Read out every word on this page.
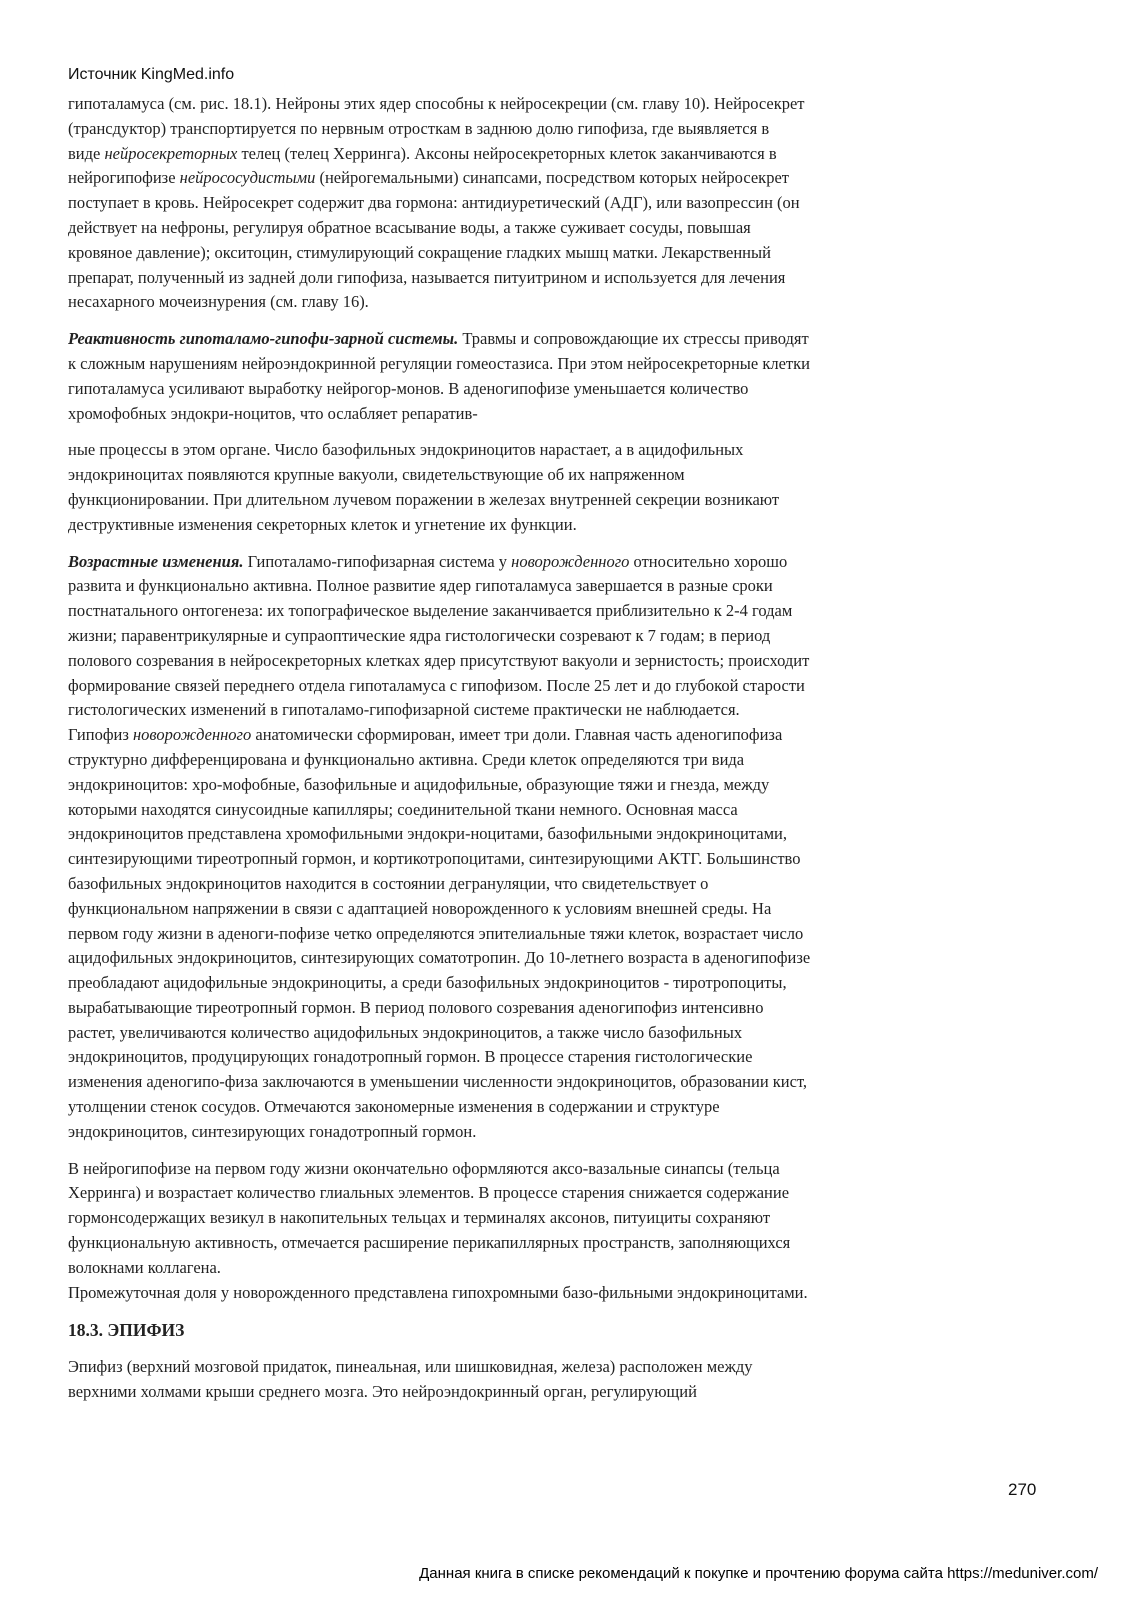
Источник KingMed.info
гипоталамуса (см. рис. 18.1). Нейроны этих ядер способны к нейросекреции (см. главу 10). Нейросекрет
(трансдуктор) транспортируется по нервным отросткам в заднюю долю гипофиза, где выявляется в
виде нейросекреторных телец (телец Херринга). Аксоны нейросекреторных клеток заканчиваются в
нейрогипофизе нейрососудистыми (нейрогемальными) синапсами, посредством которых нейросекрет
поступает в кровь. Нейросекрет содержит два гормона: антидиуретический (АДГ), или вазопрессин (он
действует на нефроны, регулируя обратное всасывание воды, а также суживает сосуды, повышая
кровяное давление); окситоцин, стимулирующий сокращение гладких мышц матки. Лекарственный
препарат, полученный из задней доли гипофиза, называется питуитрином и используется для лечения
несахарного мочеизнурения (см. главу 16).
Реактивность гипоталамо-гипофи-зарной системы. Травмы и сопровождающие их стрессы приводят
к сложным нарушениям нейроэндокринной регуляции гомеостазиса. При этом нейросекреторные клетки
гипоталамуса усиливают выработку нейрогор-монов. В аденогипофизе уменьшается количество
хромофобных эндокри-ноцитов, что ослабляет репаратив-
ные процессы в этом органе. Число базофильных эндокриноцитов нарастает, а в ацидофильных
эндокриноцитах появляются крупные вакуоли, свидетельствующие об их напряженном
функционировании. При длительном лучевом поражении в железах внутренней секреции возникают
деструктивные изменения секреторных клеток и угнетение их функции.
Возрастные изменения. Гипоталамо-гипофизарная система у новорожденного относительно хорошо
развита и функционально активна. Полное развитие ядер гипоталамуса завершается в разные сроки
постнатального онтогенеза: их топографическое выделение заканчивается приблизительно к 2-4 годам
жизни; паравентрикулярные и супраоптические ядра гистологически созревают к 7 годам; в период
полового созревания в нейросекреторных клетках ядер присутствуют вакуоли и зернистость; происходит
формирование связей переднего отдела гипоталамуса с гипофизом. После 25 лет и до глубокой старости
гистологических изменений в гипоталамо-гипофизарной системе практически не наблюдается.
Гипофиз новорожденного анатомически сформирован, имеет три доли. Главная часть аденогипофиза
структурно дифференцирована и функционально активна. Среди клеток определяются три вида
эндокриноцитов: хро-мофобные, базофильные и ацидофильные, образующие тяжи и гнезда, между
которыми находятся синусоидные капилляры; соединительной ткани немного. Основная масса
эндокриноцитов представлена хромофильными эндокри-ноцитами, базофильными эндокриноцитами,
синтезирующими тиреотропный гормон, и кортикотропоцитами, синтезирующими АКТГ. Большинство
базофильных эндокриноцитов находится в состоянии дегрануляции, что свидетельствует о
функциональном напряжении в связи с адаптацией новорожденного к условиям внешней среды. На
первом году жизни в аденоги-пофизе четко определяются эпителиальные тяжи клеток, возрастает число
ацидофильных эндокриноцитов, синтезирующих соматотропин. До 10-летнего возраста в аденогипофизе
преобладают ацидофильные эндокриноциты, а среди базофильных эндокриноцитов - тиротропоциты,
вырабатывающие тиреотропный гормон. В период полового созревания аденогипофиз интенсивно
растет, увеличиваются количество ацидофильных эндокриноцитов, а также число базофильных
эндокриноцитов, продуцирующих гонадотропный гормон. В процессе старения гистологические
изменения аденогипо-физа заключаются в уменьшении численности эндокриноцитов, образовании кист,
утолщении стенок сосудов. Отмечаются закономерные изменения в содержании и структуре
эндокриноцитов, синтезирующих гонадотропный гормон.
В нейрогипофизе на первом году жизни окончательно оформляются аксо-вазальные синапсы (тельца
Херринга) и возрастает количество глиальных элементов. В процессе старения снижается содержание
гормонсодержащих везикул в накопительных тельцах и терминалях аксонов, питуициты сохраняют
функциональную активность, отмечается расширение перикапиллярных пространств, заполняющихся
волокнами коллагена.
Промежуточная доля у новорожденного представлена гипохромными базо-фильными эндокриноцитами.
18.3. ЭПИФИЗ
Эпифиз (верхний мозговой придаток, пинеальная, или шишковидная, железа) расположен между
верхними холмами крыши среднего мозга. Это нейроэндокринный орган, регулирующий
270
Данная книга в списке рекомендаций к покупке и прочтению форума сайта https://meduniver.com/
